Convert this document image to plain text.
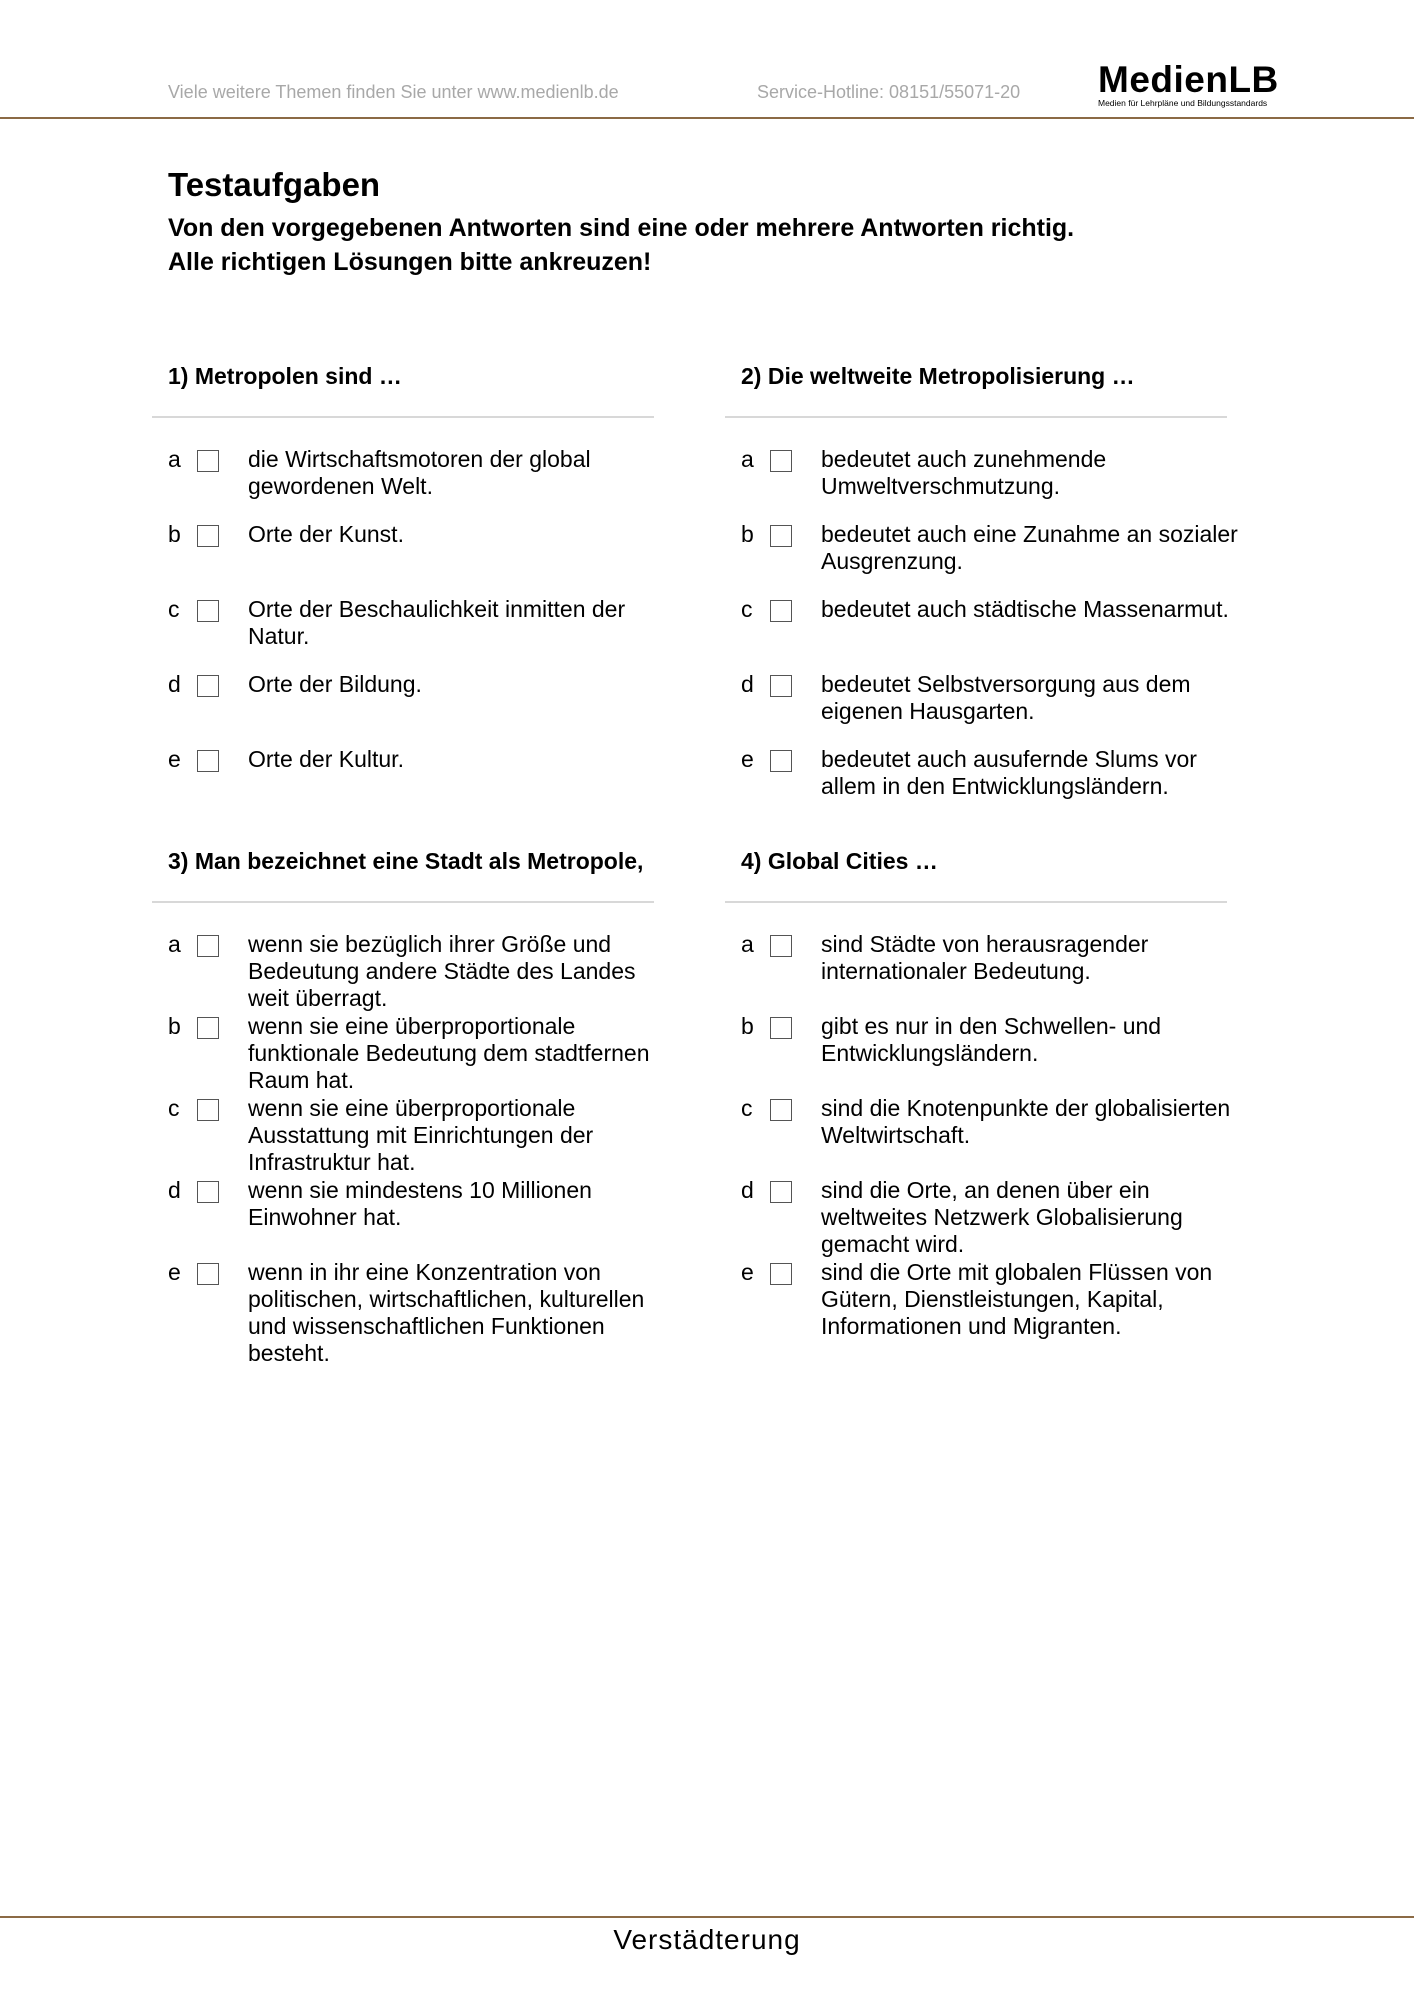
Viele weitere Themen finden Sie unter www.medienlb.de	Service-Hotline: 08151/55071-20 MedienLB
Medien für Lehrpläne und Bildungsstandards
Testaufgaben
Von den vorgegebenen Antworten sind eine oder mehrere Antworten richtig.
Alle richtigen Lösungen bitte ankreuzen!
1) Metropolen sind …
a	die Wirtschaftsmotoren der global
gewordenen Welt.
b	Orte der Kunst.
c	Orte der Beschaulichkeit inmitten der
Natur.
d	Orte der Bildung.
e	Orte der Kultur.
2) Die weltweite Metropolisierung …
a	bedeutet auch zunehmende
Umweltverschmutzung.
b	bedeutet auch eine Zunahme an sozialer
Ausgrenzung.
c	bedeutet auch städtische Massenarmut.
d	bedeutet Selbstversorgung aus dem
eigenen Hausgarten.
e	bedeutet auch ausufernde Slums vor
allem in den Entwicklungsländern.
3) Man bezeichnet eine Stadt als Metropole,
a	wenn sie bezüglich ihrer Größe und
Bedeutung andere Städte des Landes
weit überragt.
b	wenn sie eine überproportionale
funktionale Bedeutung dem stadtfernen
Raum hat.
c	wenn sie eine überproportionale
Ausstattung mit Einrichtungen der
Infrastruktur hat.
d	wenn sie mindestens 10 Millionen
Einwohner hat.
e	wenn in ihr eine Konzentration von
politischen, wirtschaftlichen, kulturellen
und wissenschaftlichen Funktionen
besteht.
4) Global Cities …
a	sind Städte von herausragender
internationaler Bedeutung.
b	gibt es nur in den Schwellen- und
Entwicklungsländern.
c	sind die Knotenpunkte der globalisierten
Weltwirtschaft.
d	sind die Orte, an denen über ein
weltweites Netzwerk Globalisierung
gemacht wird.
e	sind die Orte mit globalen Flüssen von
Gütern, Dienstleistungen, Kapital,
Informationen und Migranten.
Verstädterung
